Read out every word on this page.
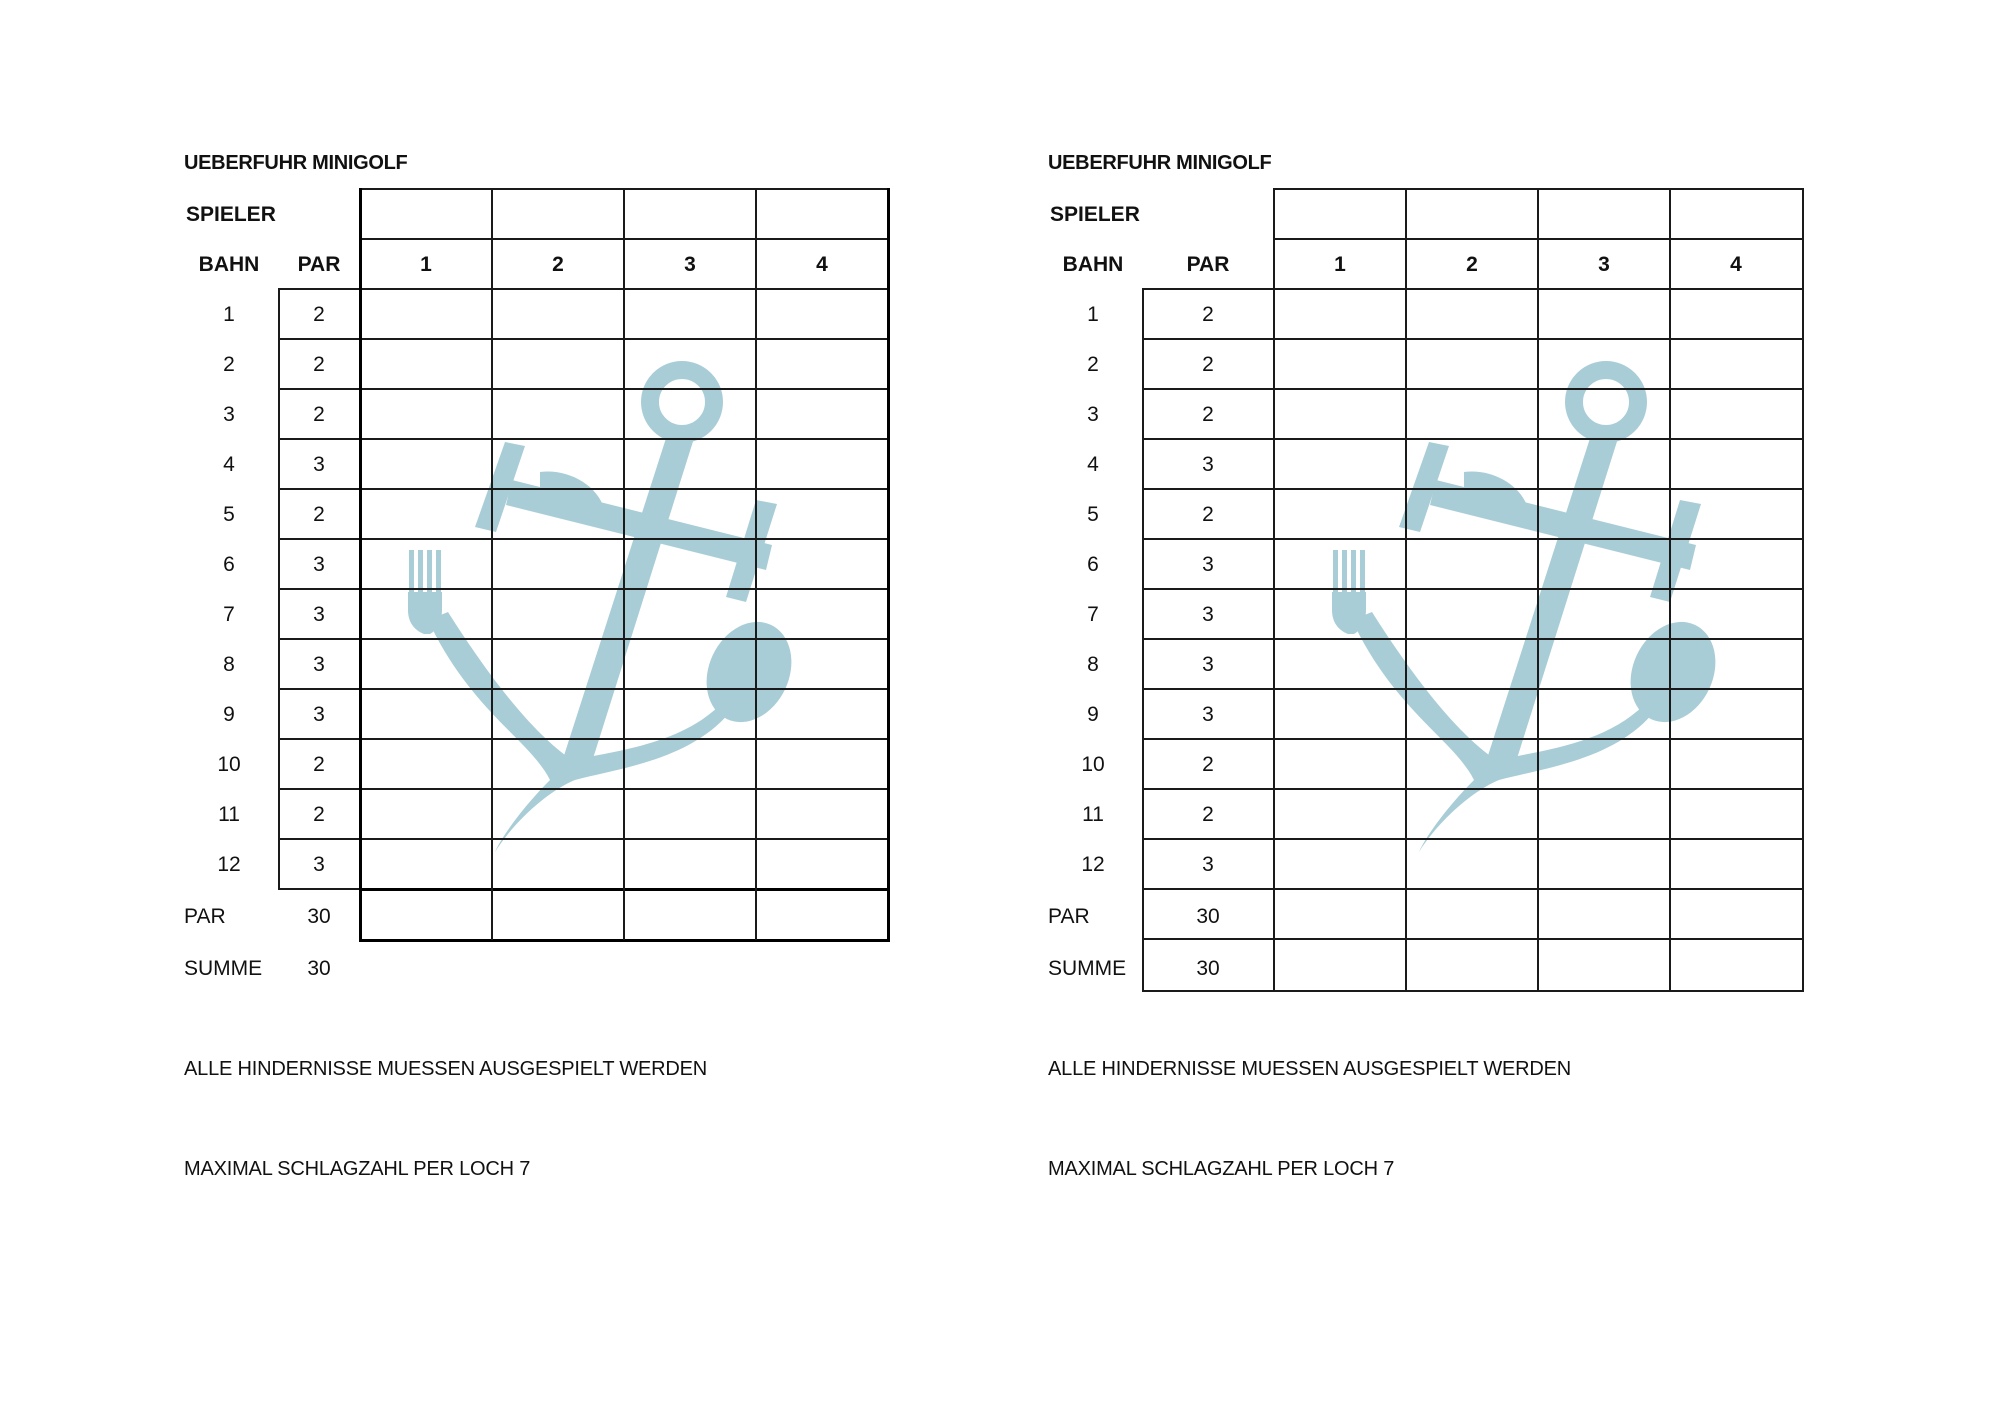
UEBERFUHR MINIGOLF
SPIELER
BAHN	PAR	1	2	3	4
1	2
2	2
3	2
4	3
5	2
6	3
7	3
8	3
9	3
10	2
11	2
12	3
PAR	30
SUMME	30
ALLE HINDERNISSE MUESSEN AUSGESPIELT WERDEN
MAXIMAL SCHLAGZAHL PER LOCH 7
UEBERFUHR MINIGOLF
SPIELER
BAHN	PAR	1	2	3	4
1	2
2	2
3	2
4	3
5	2
6	3
7	3
8	3
9	3
10	2
11	2
12	3
PAR	30
SUMME	30
ALLE HINDERNISSE MUESSEN AUSGESPIELT WERDEN
MAXIMAL SCHLAGZAHL PER LOCH 7
